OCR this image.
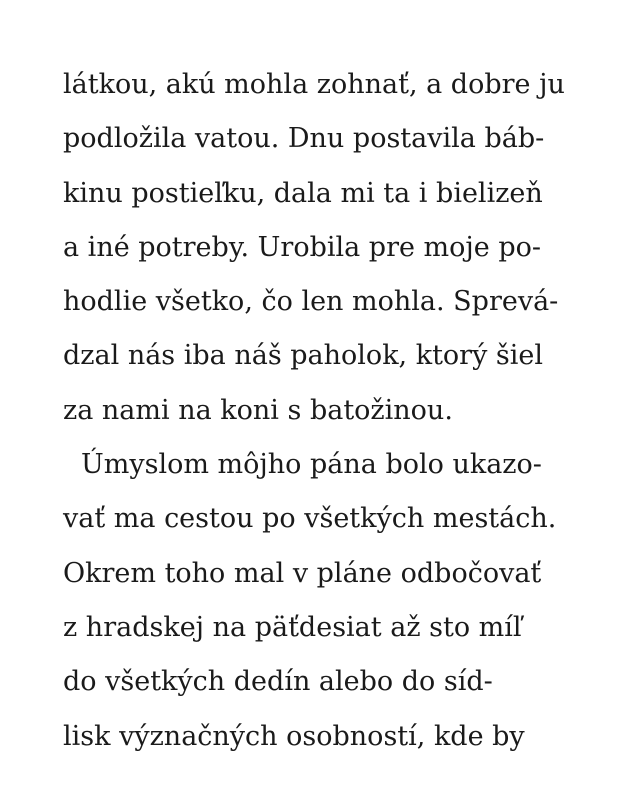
látkou, akú mohla zohnať, a dobre ju
podložila vatou. Dnu postavila báb-
kinu postieľku, dala mi ta i bielizeň
a iné potreby. Urobila pre moje po-
hodlie všetko, čo len mohla. Sprevá-
dzal nás iba náš paholok, ktorý šiel
za nami na koni s batožinou.
Úmyslom môjho pána bolo ukazo-
vať ma cestou po všetkých mestách.
Okrem toho mal v pláne odbočovať
z hradskej na päťdesiat až sto míľ
do všetkých dedín alebo do síd-
lisk význačných osobností, kde by
